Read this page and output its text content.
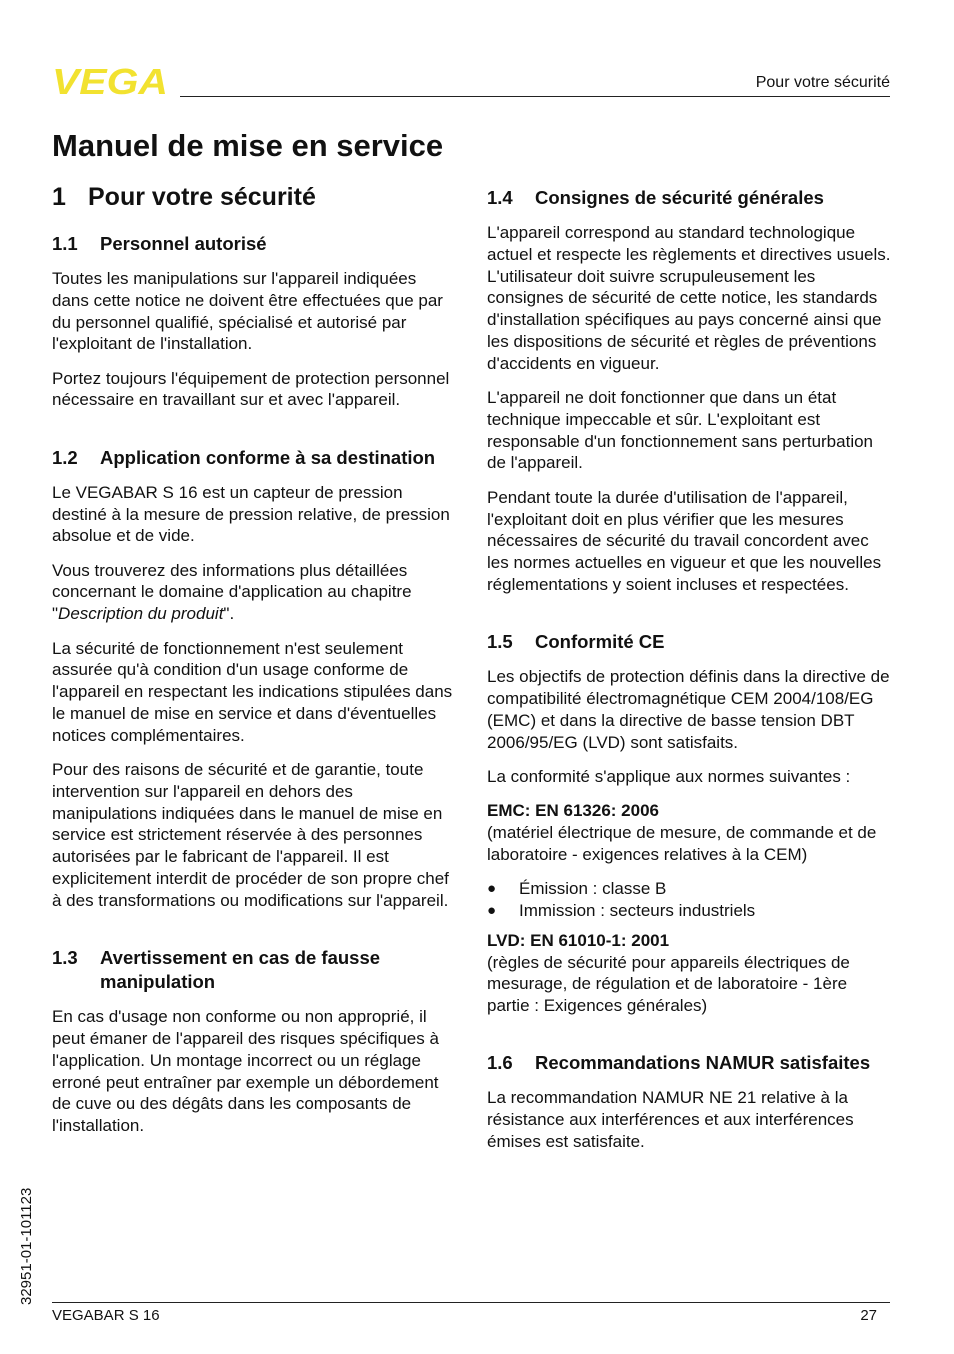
VEGA	Pour votre sécurité
Manuel de mise en service
1 Pour votre sécurité
1.1	Personnel autorisé

Toutes les manipulations sur l'appareil indiquées dans cette notice ne doivent être effectuées que par du personnel qualifié, spécialisé et autorisé par l'exploitant de l'installation.

Portez toujours l'équipement de protection personnel nécessaire en travaillant sur et avec l'appareil.

1.2	Application conforme à sa destination

Le VEGABAR S 16 est un capteur de pression destiné à la mesure de pression relative, de pression absolue et de vide.

Vous trouverez des informations plus détaillées concernant le domaine d'application au chapitre "Description du produit".

La sécurité de fonctionnement n'est seulement assurée qu'à condition d'un usage conforme de l'appareil en respectant les indications stipulées dans le manuel de mise en service et dans d'éventuelles notices complémentaires.

Pour des raisons de sécurité et de garantie, toute intervention sur l'appareil en dehors des manipulations indiquées dans le manuel de mise en service est strictement réservée à des personnes autorisées par le fabricant de l'appareil. Il est explicitement interdit de procéder de son propre chef à des transformations ou modifications sur l'appareil.

1.3	Avertissement en cas de fausse manipulation

En cas d'usage non conforme ou non approprié, il peut émaner de l'appareil des risques spécifiques à l'application. Un montage incorrect ou un réglage erroné peut entraîner par exemple un débordement de cuve ou des dégâts dans les composants de l'installation.

1.4	Consignes de sécurité générales

L'appareil correspond au standard technologique actuel et respecte les règlements et directives usuels. L'utilisateur doit suivre scrupuleusement les consignes de sécurité de cette notice, les standards d'installation spécifiques au pays concerné ainsi que les dispositions de sécurité et règles de préventions d'accidents en vigueur.

L'appareil ne doit fonctionner que dans un état technique impeccable et sûr. L'exploitant est responsable d'un fonctionnement sans perturbation de l'appareil.

Pendant toute la durée d'utilisation de l'appareil, l'exploitant doit en plus vérifier que les mesures nécessaires de sécurité du travail concordent avec les normes actuelles en vigueur et que les nouvelles réglementations y soient incluses et respectées.

1.5	Conformité CE

Les objectifs de protection définis dans la directive de compatibilité électromagnétique CEM 2004/108/EG (EMC) et dans la directive de basse tension DBT 2006/95/EG (LVD) sont satisfaits.

La conformité s'applique aux normes suivantes :

EMC: EN 61326: 2006
(matériel électrique de mesure, de commande et de laboratoire - exigences relatives à la CEM)
●	Émission : classe B
●	Immission : secteurs industriels
LVD: EN 61010-1: 2001
(règles de sécurité pour appareils électriques de mesurage, de régulation et de laboratoire - 1ère partie : Exigences générales)
1.6	Recommandations NAMUR satisfaites

La recommandation NAMUR NE 21 relative à la résistance aux interférences et aux interférences émises est satisfaite.

32951-01-101123
VEGABAR S 16	27
